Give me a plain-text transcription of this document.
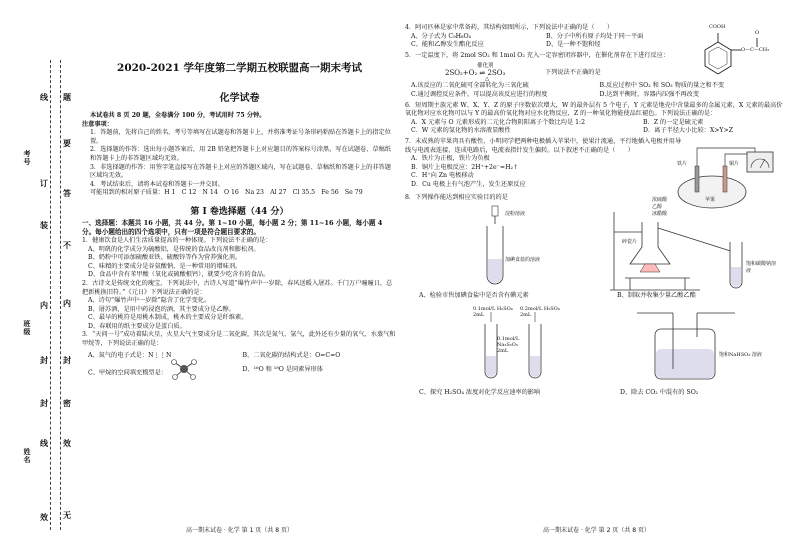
考号
班级
姓名
线
订
装
内
封
封
线
效
题
要
答
不
内
封
密
效
无
2020-2021 学年度第二学期五校联盟高一期末考试
化学试卷
本试卷共 8 页 20 题，全卷满分 100 分，考试用时 75 分钟。
注意事项：
1．答题前，先将自己的姓名、考号等填写在试题卷和答题卡上，并将准考证号条形码粘贴在答题卡上的指定位置。
2．选择题的作答：选出每小题答案后，用 2B 铅笔把答题卡上对应题目的答案标号涂黑，写在试题卷、草稿纸和答题卡上的非答题区域均无效。
3．非选择题的作答：用签字笔直接写在答题卡上对应的答题区域内，写在试题卷、草稿纸和答题卡上的非答题区域均无效。
4．考试结束后，请将本试卷和答题卡一并交回。
可能用到的相对原子质量：H 1　C 12　N 14　O 16　Na 23　Al 27　Cl 35.5　Fe 56　Se 79
第 I 卷选择题（44 分）
一、选择题：本题共 16 小题，共 44 分。第 1~10 小题，每小题 2 分；第 11~16 小题，每小题 4 分。每小题给出的四个选项中，只有一项是符合题目要求的。
1．健康饮食是人们生活质量提高的一种体现。下列说法不正确的是：
A、明矾的化学成分为硫酸铝，是传统的食品改良剂和膨松剂。
B、奶粉中可添加硫酸亚铁、硫酸锌等作为营养强化剂。
C、味精的主要成分是谷氨酸钠，是一种常用的增味剂。
D、食品中含有苯甲酸（氧化或硫酸根钙），就要少吃含有的食品。
2．古诗文是传统文化的瑰宝，下列说法中，古诗人写道“爆竹声中一岁除，春风送暖入屠苏。千门万户曈曈日，总把新桃换旧符。”《元日》下列说法正确的是：
A、诗句“爆竹声中一岁除”隐含了化学变化。
B、屠苏酒，是用中药浸泡的酒，其主要成分是乙醇。
C、最早的桃符是用桃木制成，桃木的主要成分是纤维素。
D、春联用的纸主要成分是蛋白质。
3．“天问一号”成功着陆火星，火星大气主要成分是二氧化碳，其次是氮气、氩气，此外还有少量的氧气、水蒸气和甲烷等，下列说法正确的是：
A、氮气的电子式是：N⋮⋮N	B、二氧化碳的结构式是：O=C=O
C、甲烷的空间填充模型是：	D、¹⁶O 和 ¹⁸O 是同素异形体
高一期末试卷 · 化学 第 1 页（共 8 页）
4．阿司匹林是家中常备药，其结构如图所示，下列说法中正确的是（　　）
A、分子式为 C₉H₈O₄	B、分子中所有原子均处于同一平面
C、能和乙醇发生酯化反应	D、是一种不饱和烃
COOH
O—C—CH₃
O
5．一定温度下，将 2mol SO₂ 和 1mol O₂ 充入一定容密闭容器中，在催化剂存在下进行反应：
催化剂
2SO₂+O₂ ⇌ 2SO₃
△
下列说法不正确的是
A.该反应的二氧化硫可全部转化为三氧化硫	B.反应过程中 SO₂ 和 SO₃ 物质的量之和不变
C.通过调控反应条件，可以提高该反应进行的程度	D.达到平衡时，容器内压强不再改变
6．短周期主族元素 W、X、Y、Z 的原子序数依次增大，W 的最外层有 5 个电子，Y 元素是地壳中含量最多的金属元素，X 元素的最高价氧化物对应水化物可以与 Y 的最高价氧化物对应水化物反应，Z 的一种氧化物能使品红褪色。下列说法正确的是：
A．X 元素与 O 元素形成的二元化合物阴阳离子个数比均是 1:2	B．Z 的一定是硫元素
C．W 元素的氢化物的水溶液显酸性	D．离子半径大小比较：X>Y>Z
7．未成熟的苹果肉具有酸性，小明同学把两种电极插入苹果中，使果汁流通，平行地插入电极并用导线与电流表连接，连成电路后，电流表指针发生偏转。以下叙述不正确的是（　　）
A．铁片为正极，铁片为负极
B．铜片上电极反应：2H⁺+2e⁻=H₂↑
C．H⁺向 Zn 电极移动
D．Cu 电极上有气泡产生，发生还原反应
铁片	铜片
苹果
8．下列操作能达到相应实验目的的是
淀粉溶液
加碘食盐的溶液
A、检验市售加碘食盐中是否含有碘元素
浓硫酸
乙醇
冰醋酸
碎瓷片
饱和碳酸钠溶液
B、制取并收集少量乙酸乙酯
0.1mol/L H₂SO₄ 2mL
0.2mol/L H₂SO₄ 2mL
0.1mol/L Na₂S₂O₃ 2mL
C、探究 H₂SO₄ 浓度对化学反应速率的影响
饱和NaHSO₃ 溶液
D、除去 CO₂ 中混有的 SO₂
高一期末试卷 · 化学 第 2 页（共 8 页）
